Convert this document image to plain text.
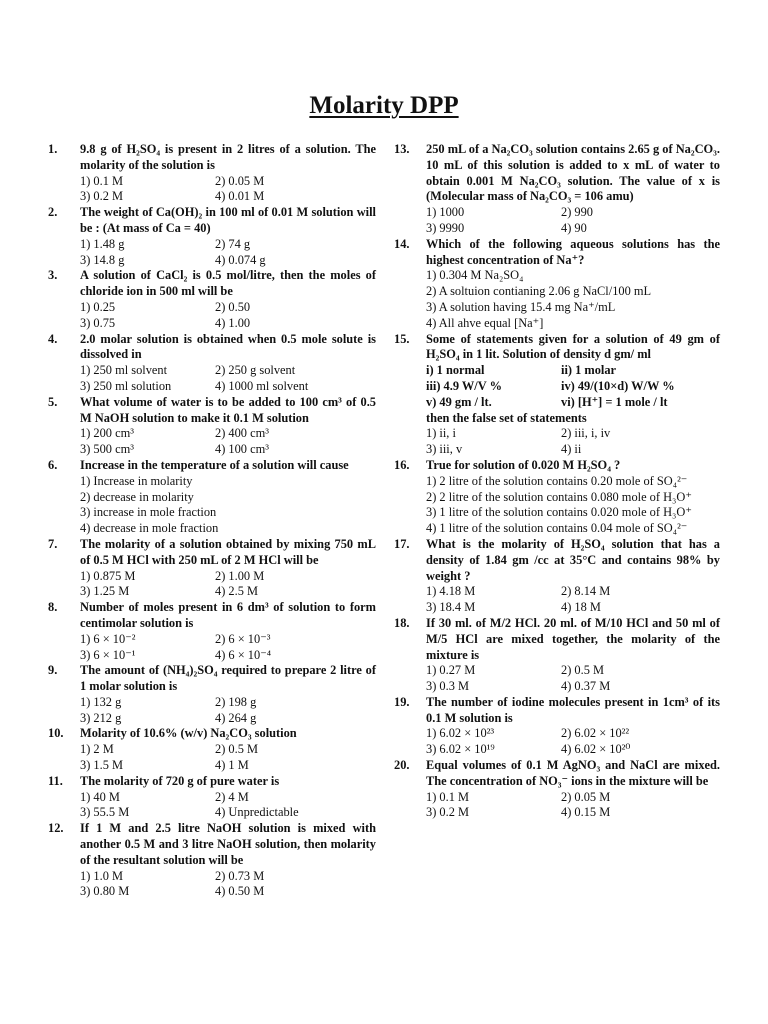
Molarity DPP
1. 9.8 g of H₂SO₄ is present in 2 litres of a solution. The molarity of the solution is
1) 0.1 M	2) 0.05 M
3) 0.2 M	4) 0.01 M
2. The weight of Ca(OH)₂ in 100 ml of 0.01 M solution will be : (At mass of Ca = 40)
1) 1.48 g	2) 74 g
3) 14.8 g	4) 0.074 g
3. A solution of CaCl₂ is 0.5 mol/litre, then the moles of chloride ion in 500 ml will be
1) 0.25	2) 0.50
3) 0.75	4) 1.00
4. 2.0 molar solution is obtained when 0.5 mole solute is dissolved in
1) 250 ml solvent	2) 250 g solvent
3) 250 ml solution	4) 1000 ml solvent
5. What volume of water is to be added to 100 cm³ of 0.5 M NaOH solution to make it 0.1 M solution
1) 200 cm³	2) 400 cm³
3) 500 cm³	4) 100 cm³
6. Increase in the temperature of a solution will cause
1) Increase in molarity
2) decrease in molarity
3) increase in mole fraction
4) decrease in mole fraction
7. The molarity of a solution obtained by mixing 750 mL of 0.5 M HCl with 250 mL of 2 M HCl will be
1) 0.875 M	2) 1.00 M
3) 1.25 M	4) 2.5 M
8. Number of moles present in 6 dm³ of solution to form centimolar solution is
1) 6 × 10⁻²	2) 6 × 10⁻³
3) 6 × 10⁻¹	4) 6 × 10⁻⁴
9. The amount of (NH₄)₂SO₄ required to prepare 2 litre of 1 molar solution is
1) 132 g	2) 198 g
3) 212 g	4) 264 g
10. Molarity of 10.6% (w/v) Na₂CO₃ solution
1) 2 M	2) 0.5 M
3) 1.5 M	4) 1 M
11. The molarity of 720 g of pure water is
1) 40 M	2) 4 M
3) 55.5 M	4) Unpredictable
12. If 1 M and 2.5 litre NaOH solution is mixed with another 0.5 M and 3 litre NaOH solution, then molarity of the resultant solution will be
1) 1.0 M	2) 0.73 M
3) 0.80 M	4) 0.50 M
13. 250 mL of a Na₂CO₃ solution contains 2.65 g of Na₂CO₃. 10 mL of this solution is added to x mL of water to obtain 0.001 M Na₂CO₃ solution. The value of x is (Molecular mass of Na₂CO₃ = 106 amu)
1) 1000	2) 990
3) 9990	4) 90
14. Which of the following aqueous solutions has the highest concentration of Na⁺?
1) 0.304 M Na₂SO₄
2) A soltuion contianing 2.06 g NaCl/100 mL
3) A solution having 15.4 mg Na⁺/mL
4) All ahve equal [Na⁺]
15. Some of statements given for a solution of 49 gm of H₂SO₄ in 1 lit. Solution of density d gm/ ml
i) 1 normal	ii) 1 molar
iii) 4.9 W/V %	iv) 49/(10×d) W/W %
v) 49 gm / lt.	vi) [H⁺] = 1 mole / lt
then the false set of statements
1) ii, i	2) iii, i, iv
3) iii, v	4) ii
16. True for solution of 0.020 M H₂SO₄ ?
1) 2 litre of the solution contains 0.20 mole of SO₄²⁻
2) 2 litre of the solution contains 0.080 mole of H₃O⁺
3) 1 litre of the solution contains 0.020 mole of H₃O⁺
4) 1 litre of the solution contains 0.04 mole of SO₄²⁻
17. What is the molarity of H₂SO₄ solution that has a density of 1.84 gm /cc at 35°C and contains 98% by weight ?
1) 4.18 M	2) 8.14 M
3) 18.4 M	4) 18 M
18. If 30 ml. of M/2 HCl. 20 ml. of M/10 HCl and 50 ml of M/5 HCl are mixed together, the molarity of the mixture is
1) 0.27 M	2) 0.5 M
3) 0.3 M	4) 0.37 M
19. The number of iodine molecules present in 1cm³ of its 0.1 M solution is
1) 6.02 × 10²³	2) 6.02 × 10²²
3) 6.02 × 10¹⁹	4) 6.02 × 10²⁰
20. Equal volumes of 0.1 M AgNO₃ and NaCl are mixed. The concentration of NO₃⁻ ions in the mixture will be
1) 0.1 M	2) 0.05 M
3) 0.2 M	4) 0.15 M
